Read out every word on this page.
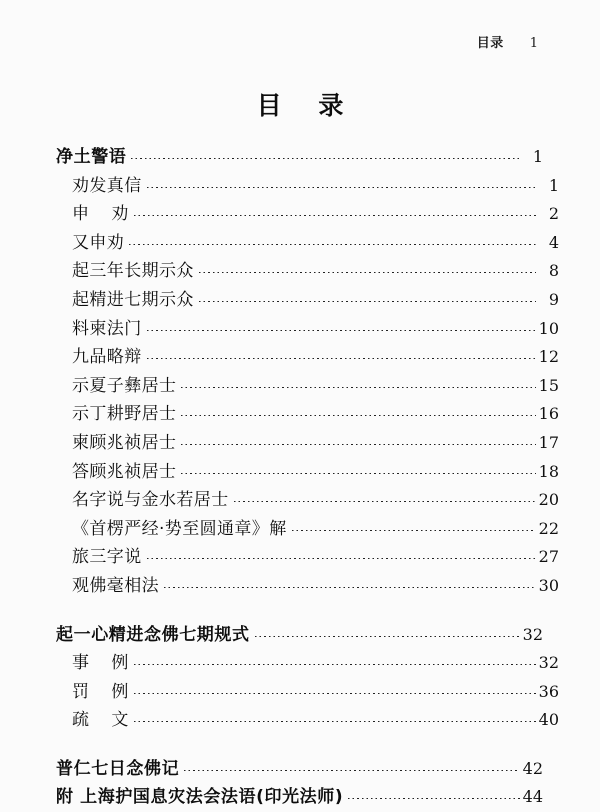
目录 1
目 录
净土警语	1
劝发真信	1
申 劝	2
又申劝	4
起三年长期示众	8
起精进七期示众	9
料柬法门	10
九品略辩	12
示夏子彝居士	15
示丁耕野居士	16
柬顾兆祯居士	17
答顾兆祯居士	18
名字说与金水若居士	20
《首楞严经·势至圆通章》解	22
旅三字说	27
观佛毫相法	30
起一心精进念佛七期规式	32
事 例	32
罚 例	36
疏 文	40
普仁七日念佛记	42
附 上海护国息灾法会法语(印光法师)	44
